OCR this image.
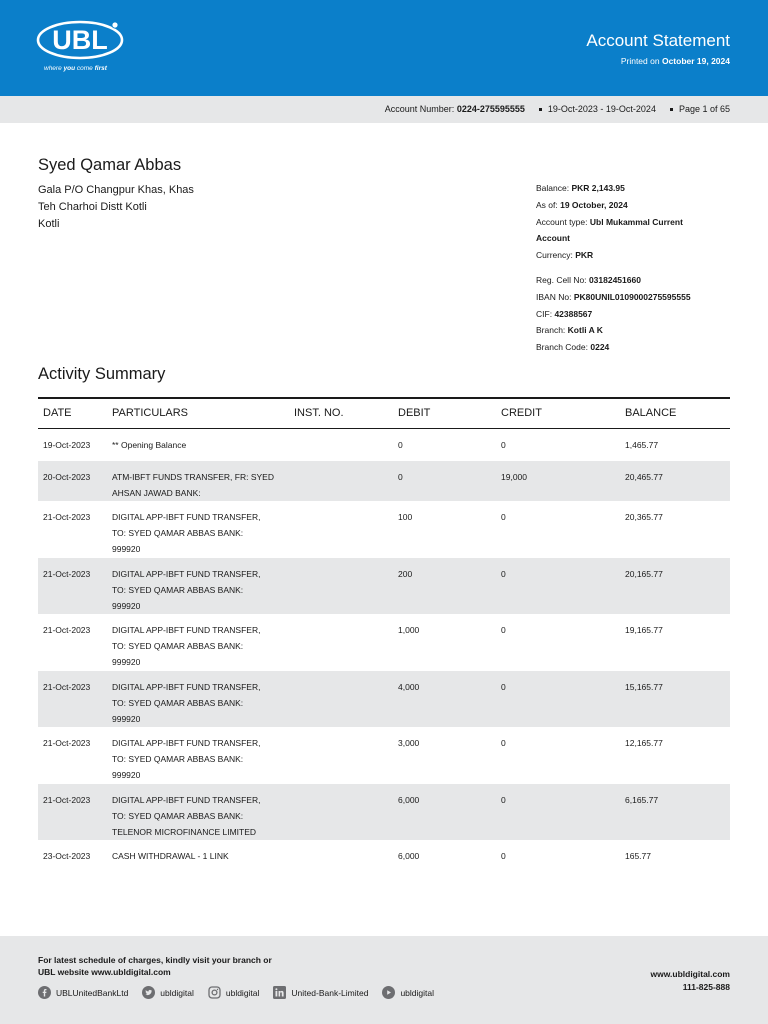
UBL
where you come first
Account Statement
Printed on October 19, 2024
Account Number:
0224-275595555	19-Oct-2023 - 19-Oct-2024	Page 1 of 65
Syed Qamar Abbas
Gala P/O Changpur Khas, Khas
Teh Charhoi Distt Kotli
Kotli
Balance: PKR 2,143.95
As of: 19 October, 2024
Account type: Ubl Mukammal Current
Account
Currency: PKR
Reg. Cell No: 03182451660
IBAN No: PK80UNIL0109000275595555
CIF: 42388567
Branch: Kotli A K
Branch Code: 0224
Activity Summary
DATE	PARTICULARS	INST. NO.	DEBIT	CREDIT	BALANCE
19-Oct-2023	** Opening Balance	0	0	1,465.77
20-Oct-2023	ATM-IBFT FUNDS TRANSFER, FR: SYED
AHSAN JAWAD BANK:
0	19,000	20,465.77
21-Oct-2023	DIGITAL APP-IBFT FUND TRANSFER,
TO: SYED QAMAR ABBAS BANK:
999920
100	0	20,365.77
21-Oct-2023	DIGITAL APP-IBFT FUND TRANSFER,
TO: SYED QAMAR ABBAS BANK:
999920
200	0	20,165.77
21-Oct-2023	DIGITAL APP-IBFT FUND TRANSFER,
TO: SYED QAMAR ABBAS BANK:
999920
1,000	0	19,165.77
21-Oct-2023	DIGITAL APP-IBFT FUND TRANSFER,
TO: SYED QAMAR ABBAS BANK:
999920
4,000	0	15,165.77
21-Oct-2023	DIGITAL APP-IBFT FUND TRANSFER,
TO: SYED QAMAR ABBAS BANK:
999920
3,000	0	12,165.77
21-Oct-2023	DIGITAL APP-IBFT FUND TRANSFER,
TO: SYED QAMAR ABBAS BANK:
TELENOR MICROFINANCE LIMITED
6,000	0	6,165.77
23-Oct-2023	CASH WITHDRAWAL - 1 LINK	6,000	0	165.77
For latest schedule of charges, kindly visit your branch or
UBL website www.ubldigital.com	www.ubldigital.com
111-825-888
UBLUnitedBankLtd	ubldigital	ubldigital	United-Bank-Limited	ubldigital
